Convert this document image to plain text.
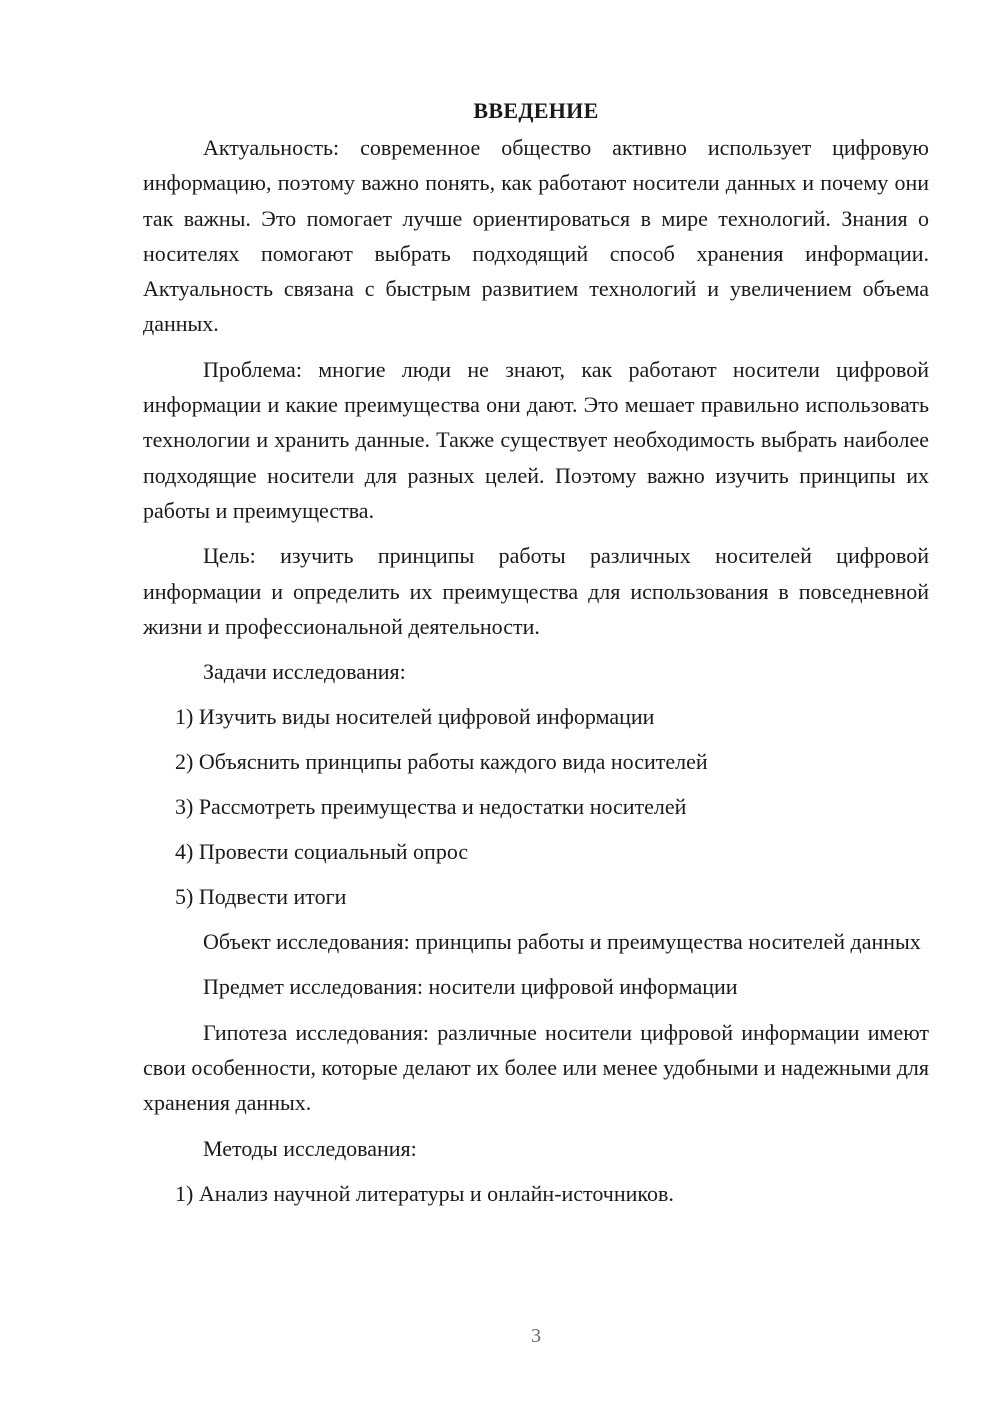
ВВЕДЕНИЕ

Актуальность: современное общество активно использует цифровую информацию, поэтому важно понять, как работают носители данных и почему они так важны. Это помогает лучше ориентироваться в мире технологий. Знания о носителях помогают выбрать подходящий способ хранения информации. Актуальность связана с быстрым развитием технологий и увеличением объема данных.

Проблема: многие люди не знают, как работают носители цифровой информации и какие преимущества они дают. Это мешает правильно использовать технологии и хранить данные. Также существует необходимость выбрать наиболее подходящие носители для разных целей. Поэтому важно изучить принципы их работы и преимущества.

Цель: изучить принципы работы различных носителей цифровой информации и определить их преимущества для использования в повседневной жизни и профессиональной деятельности.

Задачи исследования:
1) Изучить виды носителей цифровой информации
2) Объяснить принципы работы каждого вида носителей
3) Рассмотреть преимущества и недостатки носителей
4) Провести социальный опрос
5) Подвести итоги

Объект исследования: принципы работы и преимущества носителей данных

Предмет исследования: носители цифровой информации

Гипотеза исследования: различные носители цифровой информации имеют свои особенности, которые делают их более или менее удобными и надежными для хранения данных.

Методы исследования:
1) Анализ научной литературы и онлайн-источников.
3
